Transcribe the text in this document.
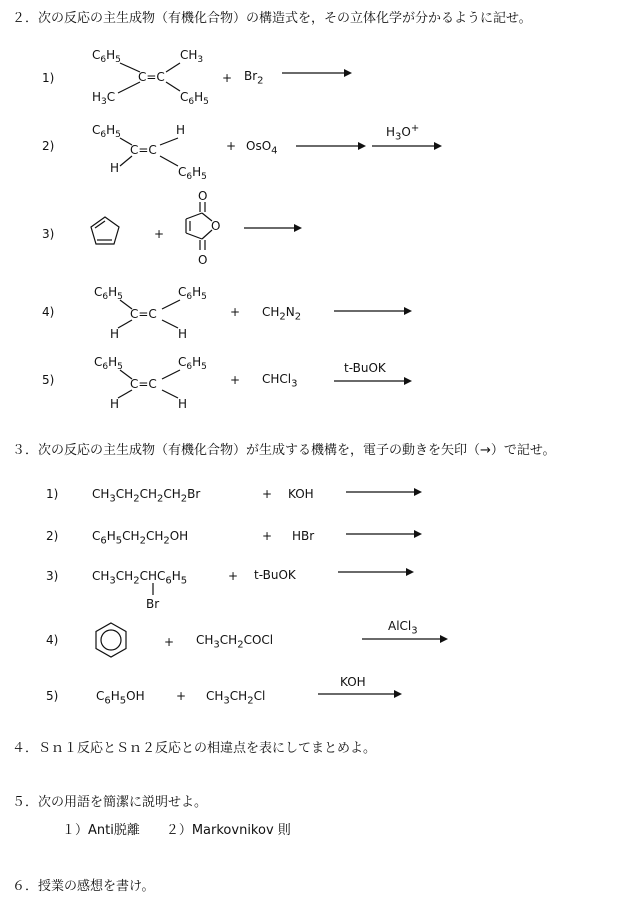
２．次の反応の主生成物（有機化合物）の構造式を，その立体化学が分かるように記せ。
1)
$C_6H_5$	$CH_3$
$H_3C$	$C_6H_5$
C=C	+ $Br_2$
2)
$C_6H_5$	H
H	$C_6H_5$
C=C	+ OsO$_4$
$H_3O^+$
3)	+
O
O
O
4)
$C_6H_5$	$C_6H_5$
H	H
C=C	+ $CH_2N_2$
5)
$C_6H_5$	$C_6H_5$
H	H
C=C	+ CHCl$_3$
t-BuOK
３．次の反応の主生成物（有機化合物）が生成する機構を，電子の動きを矢印（→）で記せ。
1)	$CH_3CH_2CH_2CH_2Br$	+ KOH
2)	$C_6H_5CH_2CH_2OH$	+ HBr
3)	$CH_3CH_2CHC_6H_5$
Br
+ t-BuOK
4)	+ $CH_3CH_2COCl$
AlCl$_3$
5)	$C_6H_5OH$	+ $CH_3CH_2Cl$
KOH
４．Ｓｎ１反応とＳｎ２反応との相違点を表にしてまとめよ。
５．次の用語を簡潔に説明せよ。
１）Anti脱離　　２）Markovnikov 則
６．授業の感想を書け。
